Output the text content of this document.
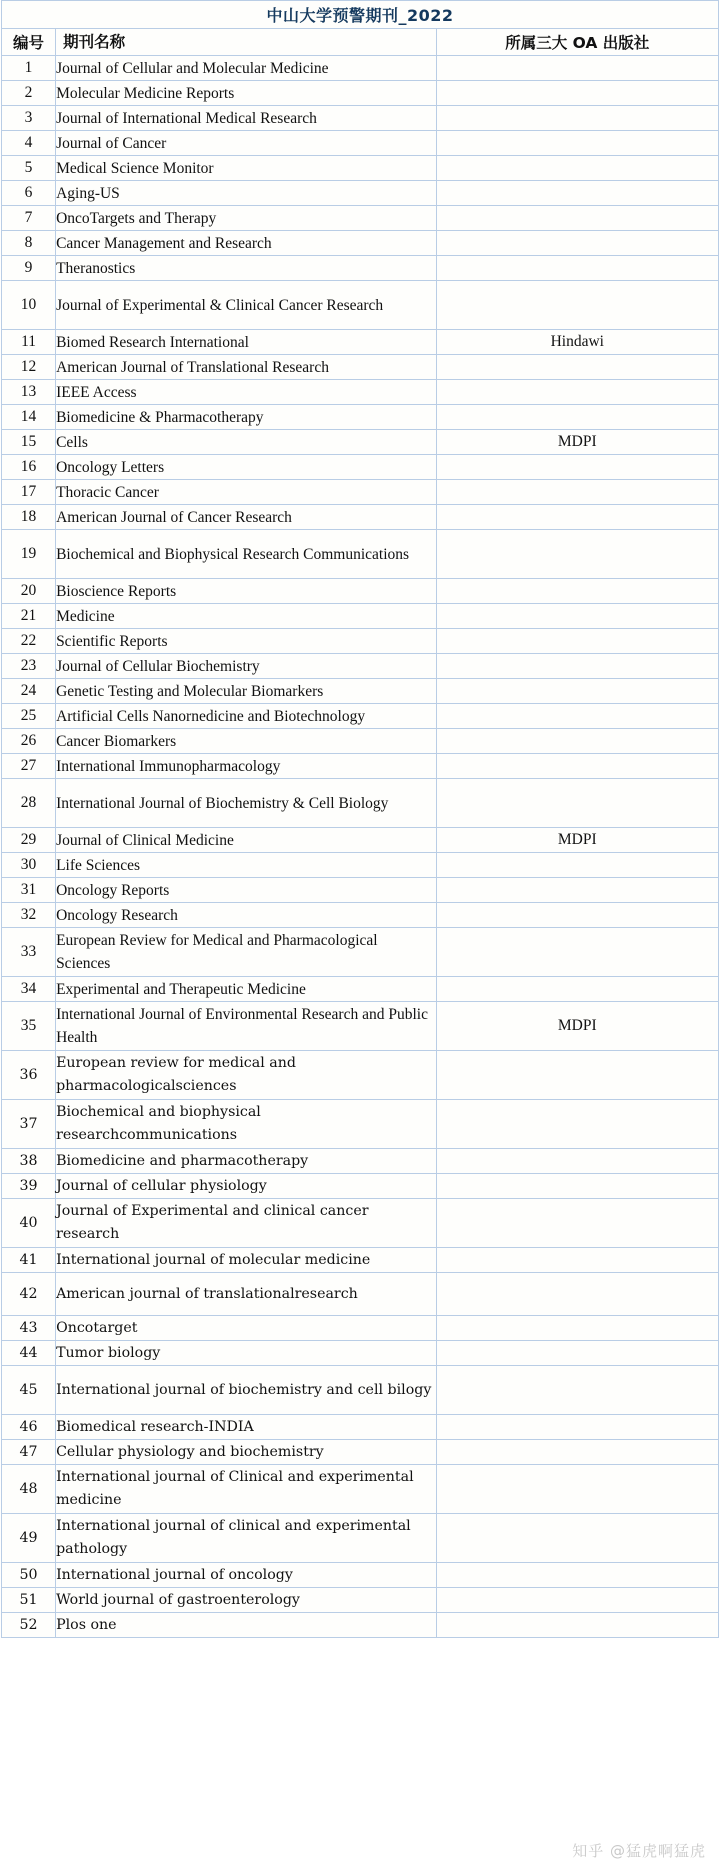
中山大学预警期刊_2022		
编号	期刊名称	所属三大 OA 出版社
1	Journal of Cellular and Molecular Medicine	
2	Molecular Medicine Reports	
3	Journal of International Medical Research	
4	Journal of Cancer	
5	Medical Science Monitor	
6	Aging-US	
7	OncoTargets and Therapy	
8	Cancer Management and Research	
9	Theranostics	
10	Journal of Experimental & Clinical Cancer Research	
11	Biomed Research International	Hindawi
12	American Journal of Translational Research	
13	IEEE Access	
14	Biomedicine & Pharmacotherapy	
15	Cells	MDPI
16	Oncology Letters	
17	Thoracic Cancer	
18	American Journal of Cancer Research	
19	Biochemical and Biophysical Research Communications	
20	Bioscience Reports	
21	Medicine	
22	Scientific Reports	
23	Journal of Cellular Biochemistry	
24	Genetic Testing and Molecular Biomarkers	
25	Artificial Cells Nanornedicine and Biotechnology	
26	Cancer Biomarkers	
27	International Immunopharmacology	
28	International Journal of Biochemistry & Cell Biology	
29	Journal of Clinical Medicine	MDPI
30	Life Sciences	
31	Oncology Reports	
32	Oncology Research	
33	European Review for Medical and Pharmacological Sciences	
34	Experimental and Therapeutic Medicine	
35	International Journal of Environmental Research and Public Health	MDPI
36	European review for medical and pharmacologicalsciences	
37	Biochemical and biophysical researchcommunications	
38	Biomedicine and pharmacotherapy	
39	Journal of cellular physiology	
40	Journal of Experimental and clinical cancer research	
41	International journal of molecular medicine	
42	American journal of translationalresearch	
43	Oncotarget	
44	Tumor biology	
45	International journal of biochemistry and cell bilogy	
46	Biomedical research-INDIA	
47	Cellular physiology and biochemistry	
48	International journal of Clinical and experimental medicine	
49	International journal of clinical and experimental pathology	
50	International journal of oncology	
51	World journal of gastroenterology	
52	Plos one	
知乎 @猛虎啊猛虎
